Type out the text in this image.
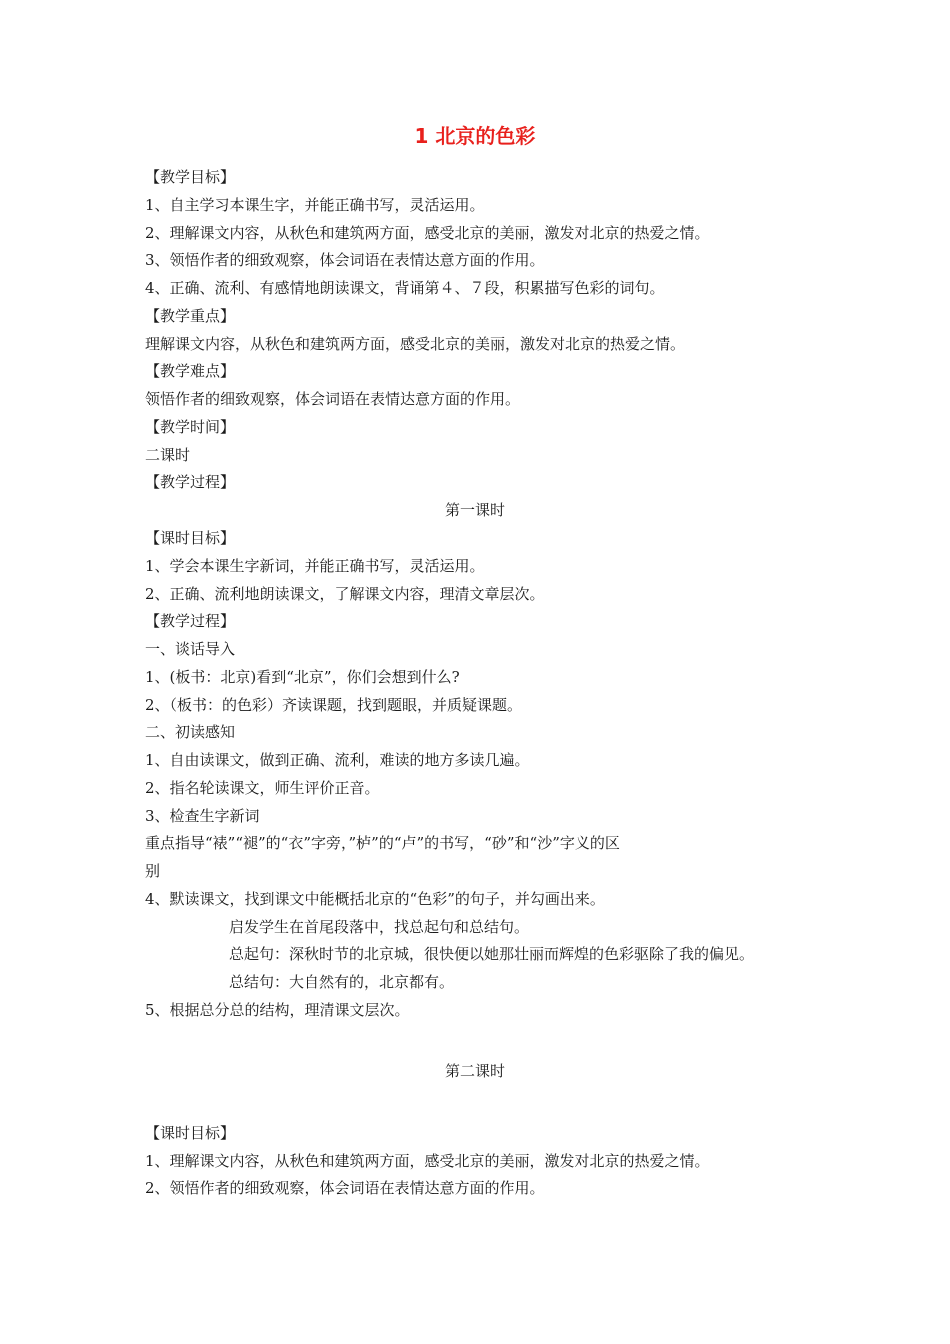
1 北京的色彩
【教学目标】
1、自主学习本课生字，并能正确书写，灵活运用。
2、理解课文内容，从秋色和建筑两方面，感受北京的美丽，激发对北京的热爱之情。
3、领悟作者的细致观察，体会词语在表情达意方面的作用。
4、正确、流利、有感情地朗读课文，背诵第４、７段，积累描写色彩的词句。
【教学重点】
理解课文内容，从秋色和建筑两方面，感受北京的美丽，激发对北京的热爱之情。
【教学难点】
领悟作者的细致观察，体会词语在表情达意方面的作用。
【教学时间】
二课时
【教学过程】
第一课时
【课时目标】
1、学会本课生字新词，并能正确书写，灵活运用。
2、正确、流利地朗读课文，了解课文内容，理清文章层次。
【教学过程】
一、谈话导入
1、(板书：北京)看到“北京”，你们会想到什么?
2、（板书：的色彩）齐读课题，找到题眼，并质疑课题。
二、初读感知
1、自由读课文，做到正确、流利，难读的地方多读几遍。
2、指名轮读课文，师生评价正音。
3、检查生字新词
重点指导“裱”“褪”的“衣”字旁，”栌”的“卢”的书写，“砂”和“沙”字义的区
别
4、默读课文，找到课文中能概括北京的“色彩”的句子，并勾画出来。
启发学生在首尾段落中，找总起句和总结句。
总起句：深秋时节的北京城，很快便以她那壮丽而辉煌的色彩驱除了我的偏见。
总结句：大自然有的，北京都有。
5、根据总分总的结构，理清课文层次。
第二课时
【课时目标】
1、理解课文内容，从秋色和建筑两方面，感受北京的美丽，激发对北京的热爱之情。
2、领悟作者的细致观察，体会词语在表情达意方面的作用。
